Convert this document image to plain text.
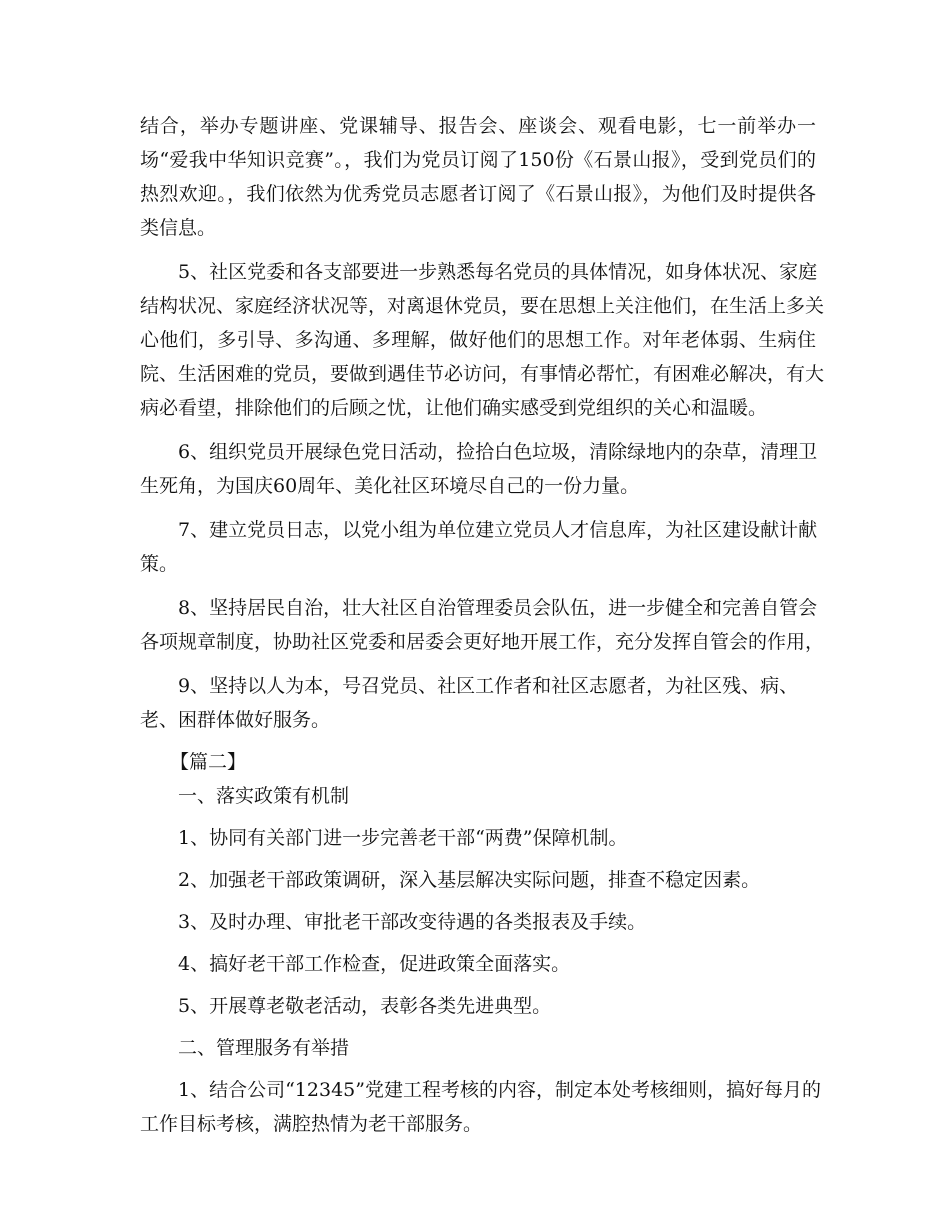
结合，举办专题讲座、党课辅导、报告会、座谈会、观看电影，七一前举办一
场“爱我中华知识竞赛”。，我们为党员订阅了150份《石景山报》，受到党员们的
热烈欢迎。，我们依然为优秀党员志愿者订阅了《石景山报》，为他们及时提供各
类信息。
5、社区党委和各支部要进一步熟悉每名党员的具体情况，如身体状况、家庭
结构状况、家庭经济状况等，对离退休党员，要在思想上关注他们，在生活上多关
心他们，多引导、多沟通、多理解，做好他们的思想工作。对年老体弱、生病住
院、生活困难的党员，要做到遇佳节必访问，有事情必帮忙，有困难必解决，有大
病必看望，排除他们的后顾之忧，让他们确实感受到党组织的关心和温暖。
6、组织党员开展绿色党日活动，捡拾白色垃圾，清除绿地内的杂草，清理卫
生死角，为国庆60周年、美化社区环境尽自己的一份力量。
7、建立党员日志，以党小组为单位建立党员人才信息库，为社区建设献计献
策。
8、坚持居民自治，壮大社区自治管理委员会队伍，进一步健全和完善自管会
各项规章制度，协助社区党委和居委会更好地开展工作，充分发挥自管会的作用，
9、坚持以人为本，号召党员、社区工作者和社区志愿者，为社区残、病、
老、困群体做好服务。
【篇二】
一、落实政策有机制
1、协同有关部门进一步完善老干部“两费”保障机制。
2、加强老干部政策调研，深入基层解决实际问题，排查不稳定因素。
3、及时办理、审批老干部改变待遇的各类报表及手续。
4、搞好老干部工作检查，促进政策全面落实。
5、开展尊老敬老活动，表彰各类先进典型。
二、管理服务有举措
1、结合公司“12345”党建工程考核的内容，制定本处考核细则，搞好每月的
工作目标考核，满腔热情为老干部服务。
